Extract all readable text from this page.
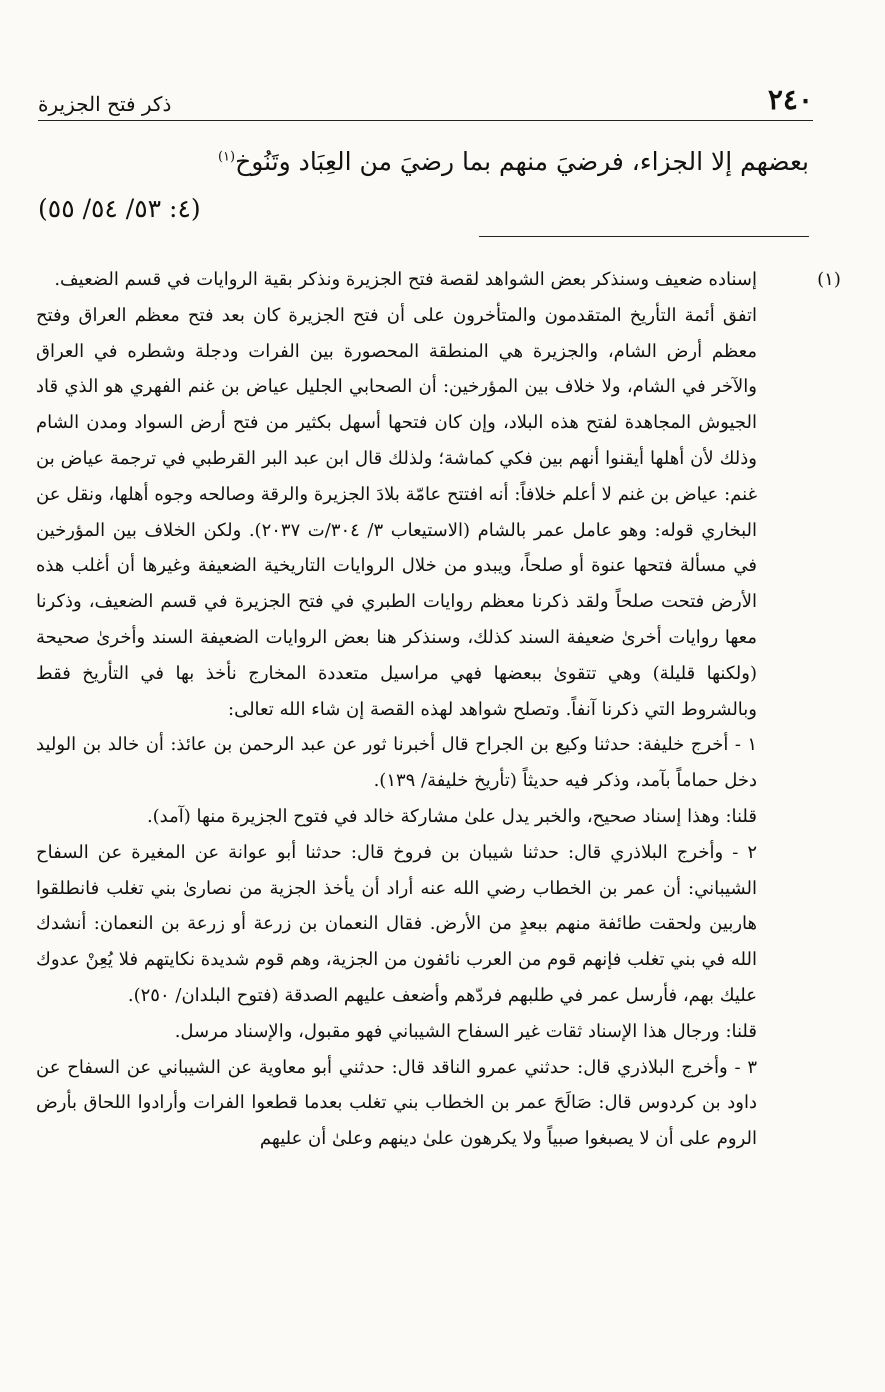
٢٤٠
ذكر فتح الجزيرة

بعضهم إلا الجزاء، فرضيَ منهم بما رضيَ من العِبَاد وتَنُوخ$^{(١)}$
(٤: ٥٣/ ٥٤/ ٥٥)

(١)

إسناده ضعيف وسنذكر بعض الشواهد لقصة فتح الجزيرة ونذكر بقية الروايات في قسم الضعيف.

اتفق أئمة التأريخ المتقدمون والمتأخرون على أن فتح الجزيرة كان بعد فتح معظم العراق وفتح معظم أرض الشام، والجزيرة هي المنطقة المحصورة بين الفرات ودجلة وشطره في العراق والآخر في الشام، ولا خلاف بين المؤرخين: أن الصحابي الجليل عياض بن غنم الفهري هو الذي قاد الجيوش المجاهدة لفتح هذه البلاد، وإن كان فتحها أسهل بكثير من فتح أرض السواد ومدن الشام وذلك لأن أهلها أيقنوا أنهم بين فكي كماشة؛ ولذلك قال ابن عبد البر القرطبي في ترجمة عياض بن غنم: عياض بن غنم لا أعلم خلافاً: أنه افتتح عامّة بلادَ الجزيرة والرقة وصالحه وجوه أهلها، ونقل عن البخاري قوله: وهو عامل عمر بالشام (الاستيعاب ٣/ ٣٠٤/ت ٢٠٣٧). ولكن الخلاف بين المؤرخين في مسألة فتحها عنوة أو صلحاً، ويبدو من خلال الروايات التاريخية الضعيفة وغيرها أن أغلب هذه الأرض فتحت صلحاً ولقد ذكرنا معظم روايات الطبري في فتح الجزيرة في قسم الضعيف، وذكرنا معها روايات أخرىٰ ضعيفة السند كذلك، وسنذكر هنا بعض الروايات الضعيفة السند وأخرىٰ صحيحة (ولكنها قليلة) وهي تتقوىٰ ببعضها فهي مراسيل متعددة المخارج نأخذ بها في التأريخ فقط وبالشروط التي ذكرنا آنفاً. وتصلح شواهد لهذه القصة إن شاء الله تعالى:

١ - أخرج خليفة: حدثنا وكيع بن الجراح قال أخبرنا ثور عن عبد الرحمن بن عائذ: أن خالد بن الوليد دخل حماماً بآمد، وذكر فيه حديثاً (تأريخ خليفة/ ١٣٩).

قلنا: وهذا إسناد صحيح، والخبر يدل علىٰ مشاركة خالد في فتوح الجزيرة منها (آمد).

٢ - وأخرج البلاذري قال: حدثنا شيبان بن فروخ قال: حدثنا أبو عوانة عن المغيرة عن السفاح الشيباني: أن عمر بن الخطاب رضي الله عنه أراد أن يأخذ الجزية من نصارىٰ بني تغلب فانطلقوا هاربين ولحقت طائفة منهم ببعدٍ من الأرض. فقال النعمان بن زرعة أو زرعة بن النعمان: أنشدك الله في بني تغلب فإنهم قوم من العرب نائفون من الجزية، وهم قوم شديدة نكايتهم فلا يُعِنْ عدوك عليك بهم، فأرسل عمر في طلبهم فردّهم وأضعف عليهم الصدقة (فتوح البلدان/ ٢٥٠).

قلنا: ورجال هذا الإسناد ثقات غير السفاح الشيباني فهو مقبول، والإسناد مرسل.

٣ - وأخرج البلاذري قال: حدثني عمرو الناقد قال: حدثني أبو معاوية عن الشيباني عن السفاح عن داود بن كردوس قال: صَالَحَ عمر بن الخطاب بني تغلب بعدما قطعوا الفرات وأرادوا اللحاق بأرض الروم على أن لا يصبغوا صبياً ولا يكرهون علىٰ دينهم وعلىٰ أن عليهم
